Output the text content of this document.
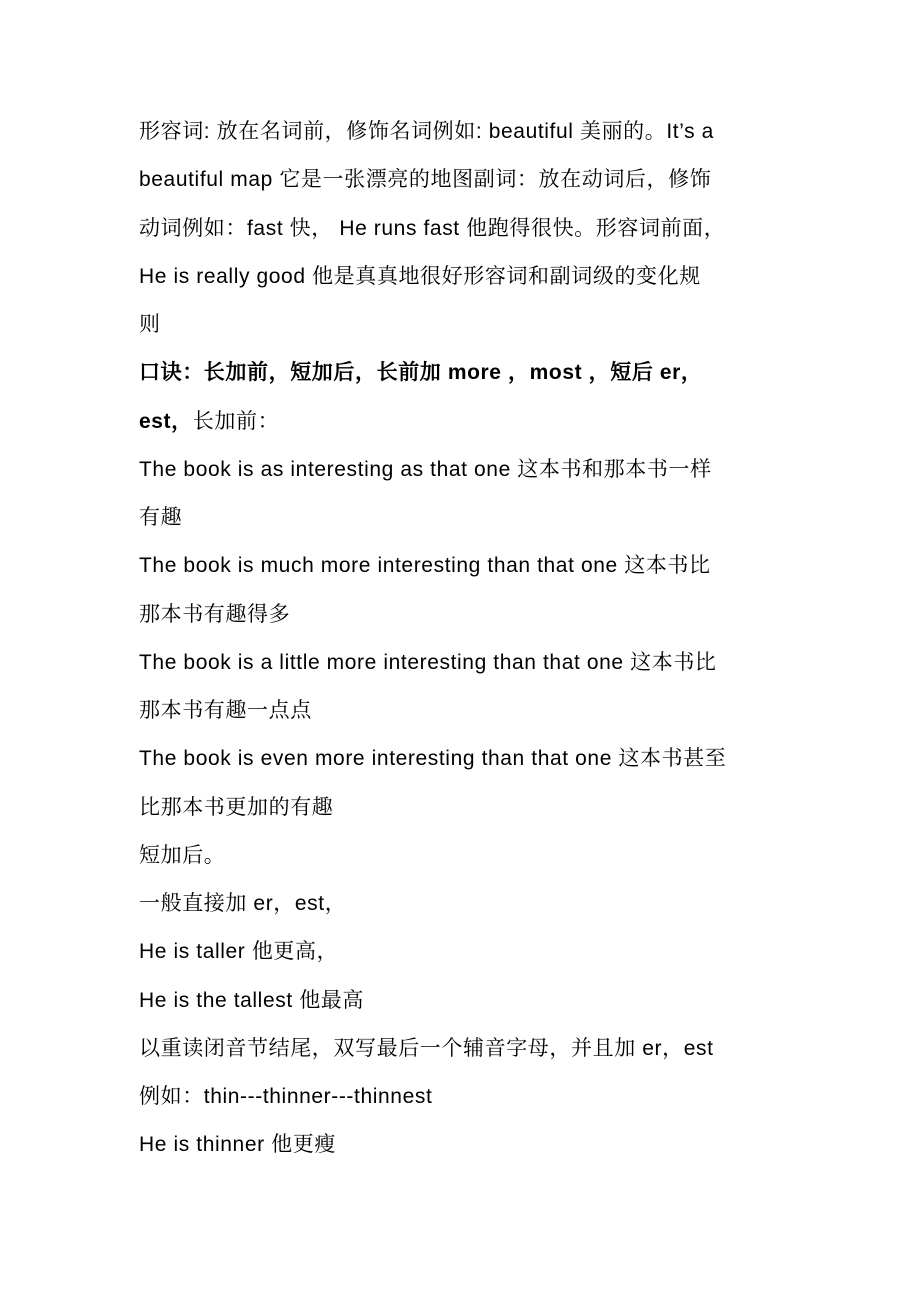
形容词: 放在名词前，修饰名词例如: beautiful 美丽的。It’s a
beautiful map 它是一张漂亮的地图副词：放在动词后，修饰
动词例如：fast 快， He runs fast 他跑得很快。形容词前面，
He is really good 他是真真地很好形容词和副词级的变化规
则
口诀：长加前，短加后，长前加 more ，most ，短后 er，
est，长加前：
The book is as interesting as that one 这本书和那本书一样
有趣
The book is much more interesting than that one 这本书比
那本书有趣得多
The book is a little more interesting than that one 这本书比
那本书有趣一点点
The book is even more interesting than that one 这本书甚至
比那本书更加的有趣
短加后。
一般直接加 er，est，
He is taller 他更高，
He is the tallest 他最高
以重读闭音节结尾，双写最后一个辅音字母，并且加 er，est
例如：thin---thinner---thinnest
He is thinner 他更瘦
